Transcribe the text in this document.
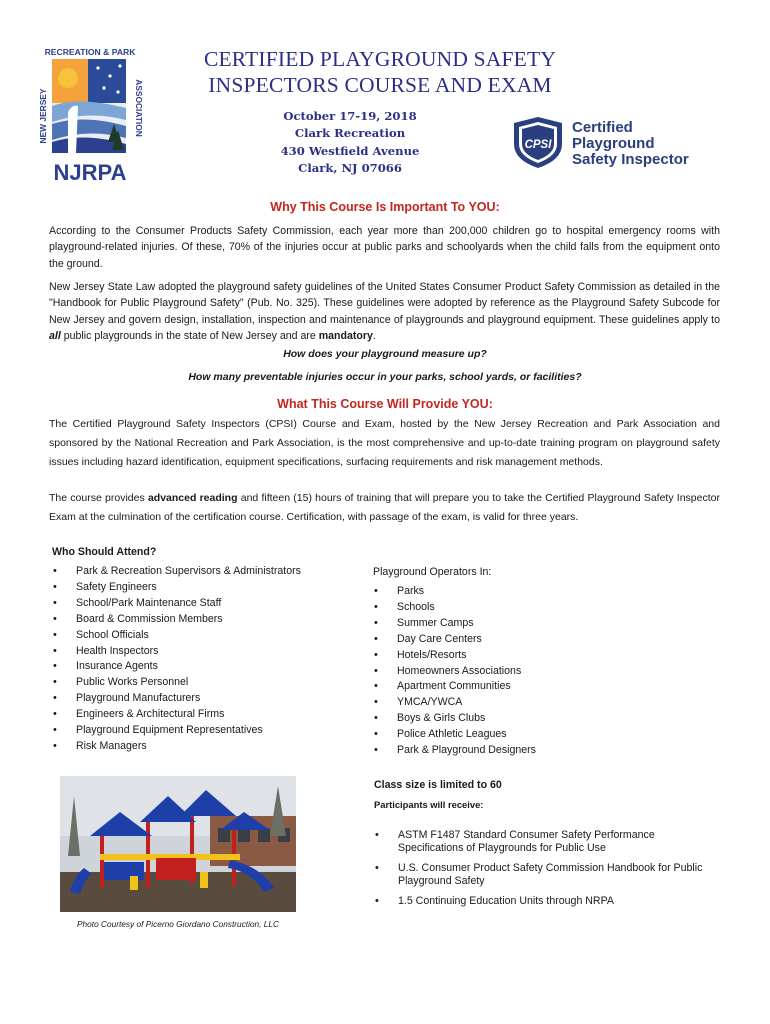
RECREATION & PARK
NEW JERSEY	ASSOCIATION
NJRPA
CERTIFIED PLAYGROUND SAFETY
INSPECTORS COURSE AND EXAM
October 17-19, 2018
Clark Recreation
430 Westfield Avenue
Clark, NJ 07066
CPSI
Certified
Playground
Safety Inspector
Why This Course Is Important To YOU:

According to the Consumer Products Safety Commission, each year more than 200,000 children go to hospital emergency rooms with playground-related injuries. Of these, 70% of the injuries occur at public parks and schoolyards when the child falls from the equipment onto the ground.

New Jersey State Law adopted the playground safety guidelines of the United States Consumer Product Safety Commission as detailed in the "Handbook for Public Playground Safety" (Pub. No. 325). These guidelines were adopted by reference as the Playground Safety Subcode for New Jersey and govern design, installation, inspection and maintenance of playgrounds and playground equipment. These guidelines apply to all public playgrounds in the state of New Jersey and are mandatory.

How does your playground measure up?
How many preventable injuries occur in your parks, school yards, or facilities?
What This Course Will Provide YOU:

The Certified Playground Safety Inspectors (CPSI) Course and Exam, hosted by the New Jersey Recreation and Park Association and sponsored by the National Recreation and Park Association, is the most comprehensive and up-to-date training program on playground safety issues including hazard identification, equipment specifications, surfacing requirements and risk management methods.

The course provides advanced reading and fifteen (15) hours of training that will prepare you to take the Certified Playground Safety Inspector Exam at the culmination of the certification course. Certification, with passage of the exam, is valid for three years.

Who Should Attend?
• Park & Recreation Supervisors & Administrators
• Safety Engineers
• School/Park Maintenance Staff
• Board & Commission Members
• School Officials
• Health Inspectors
• Insurance Agents
• Public Works Personnel
• Playground Manufacturers
• Engineers & Architectural Firms
• Playground Equipment Representatives
• Risk Managers
Playground Operators In:
• Parks
• Schools
• Summer Camps
• Day Care Centers
• Hotels/Resorts
• Homeowners Associations
• Apartment Communities
• YMCA/YWCA
• Boys & Girls Clubs
• Police Athletic Leagues
• Park & Playground Designers
Photo Courtesy of Picerno Giordano Construction, LLC
Class size is limited to 60
Participants will receive:
• ASTM F1487 Standard Consumer Safety Performance Specifications of Playgrounds for Public Use
• U.S. Consumer Product Safety Commission Handbook for Public Playground Safety
• 1.5 Continuing Education Units through NRPA
